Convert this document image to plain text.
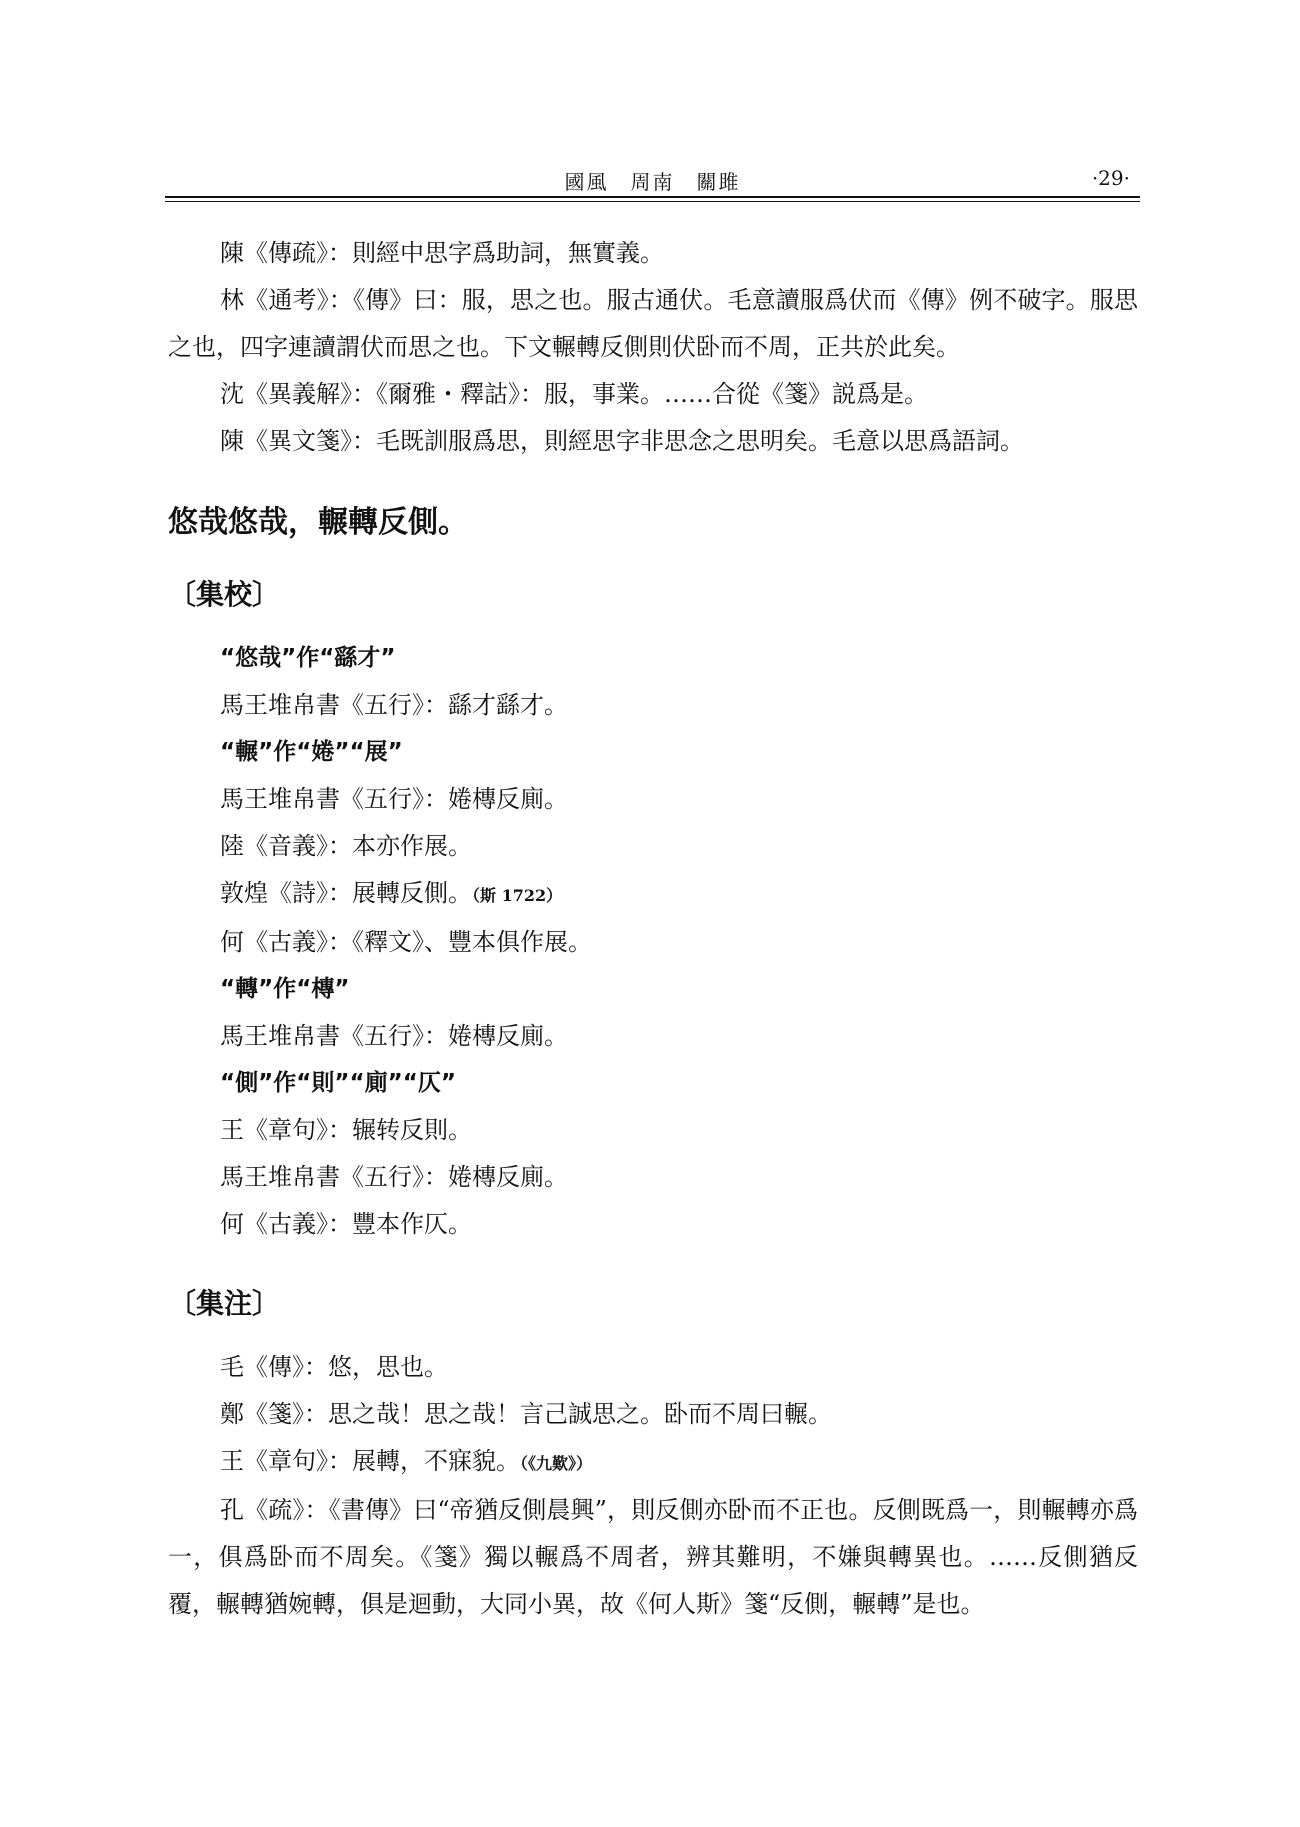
國風　周南　關雎	·29·

陳《傳疏》：則經中思字爲助詞，無實義。

林《通考》：《傳》曰：服，思之也。服古通伏。毛意讀服爲伏而《傳》例不破字。服思之也，四字連讀謂伏而思之也。下文輾轉反側則伏卧而不周，正共於此矣。

沈《異義解》：《爾雅・釋詁》：服，事業。……合從《箋》説爲是。

陳《異文箋》：毛既訓服爲思，則經思字非思念之思明矣。毛意以思爲語詞。

悠哉悠哉，輾轉反側。
〔集校〕

“悠哉”作“繇才”

馬王堆帛書《五行》：繇才繇才。

“輾”作“婘”“展”

馬王堆帛書《五行》：婘槫反廁。

陸《音義》：本亦作展。

敦煌《詩》：展轉反側。（斯 1722）

何《古義》：《釋文》、豐本俱作展。

“轉”作“槫”

馬王堆帛書《五行》：婘槫反廁。

“側”作“則”“廁”“仄”

王《章句》：辗转反則。

馬王堆帛書《五行》：婘槫反廁。

何《古義》：豐本作仄。

〔集注〕

毛《傳》：悠，思也。

鄭《箋》：思之哉！思之哉！言己誠思之。卧而不周曰輾。

王《章句》：展轉，不寐貌。（《九歎》）

孔《疏》：《書傳》曰“帝猶反側晨興”，則反側亦卧而不正也。反側既爲一，則輾轉亦爲一，俱爲卧而不周矣。《箋》獨以輾爲不周者，辨其難明，不嫌與轉異也。……反側猶反覆，輾轉猶婉轉，俱是迴動，大同小異，故《何人斯》箋“反側，輾轉”是也。
